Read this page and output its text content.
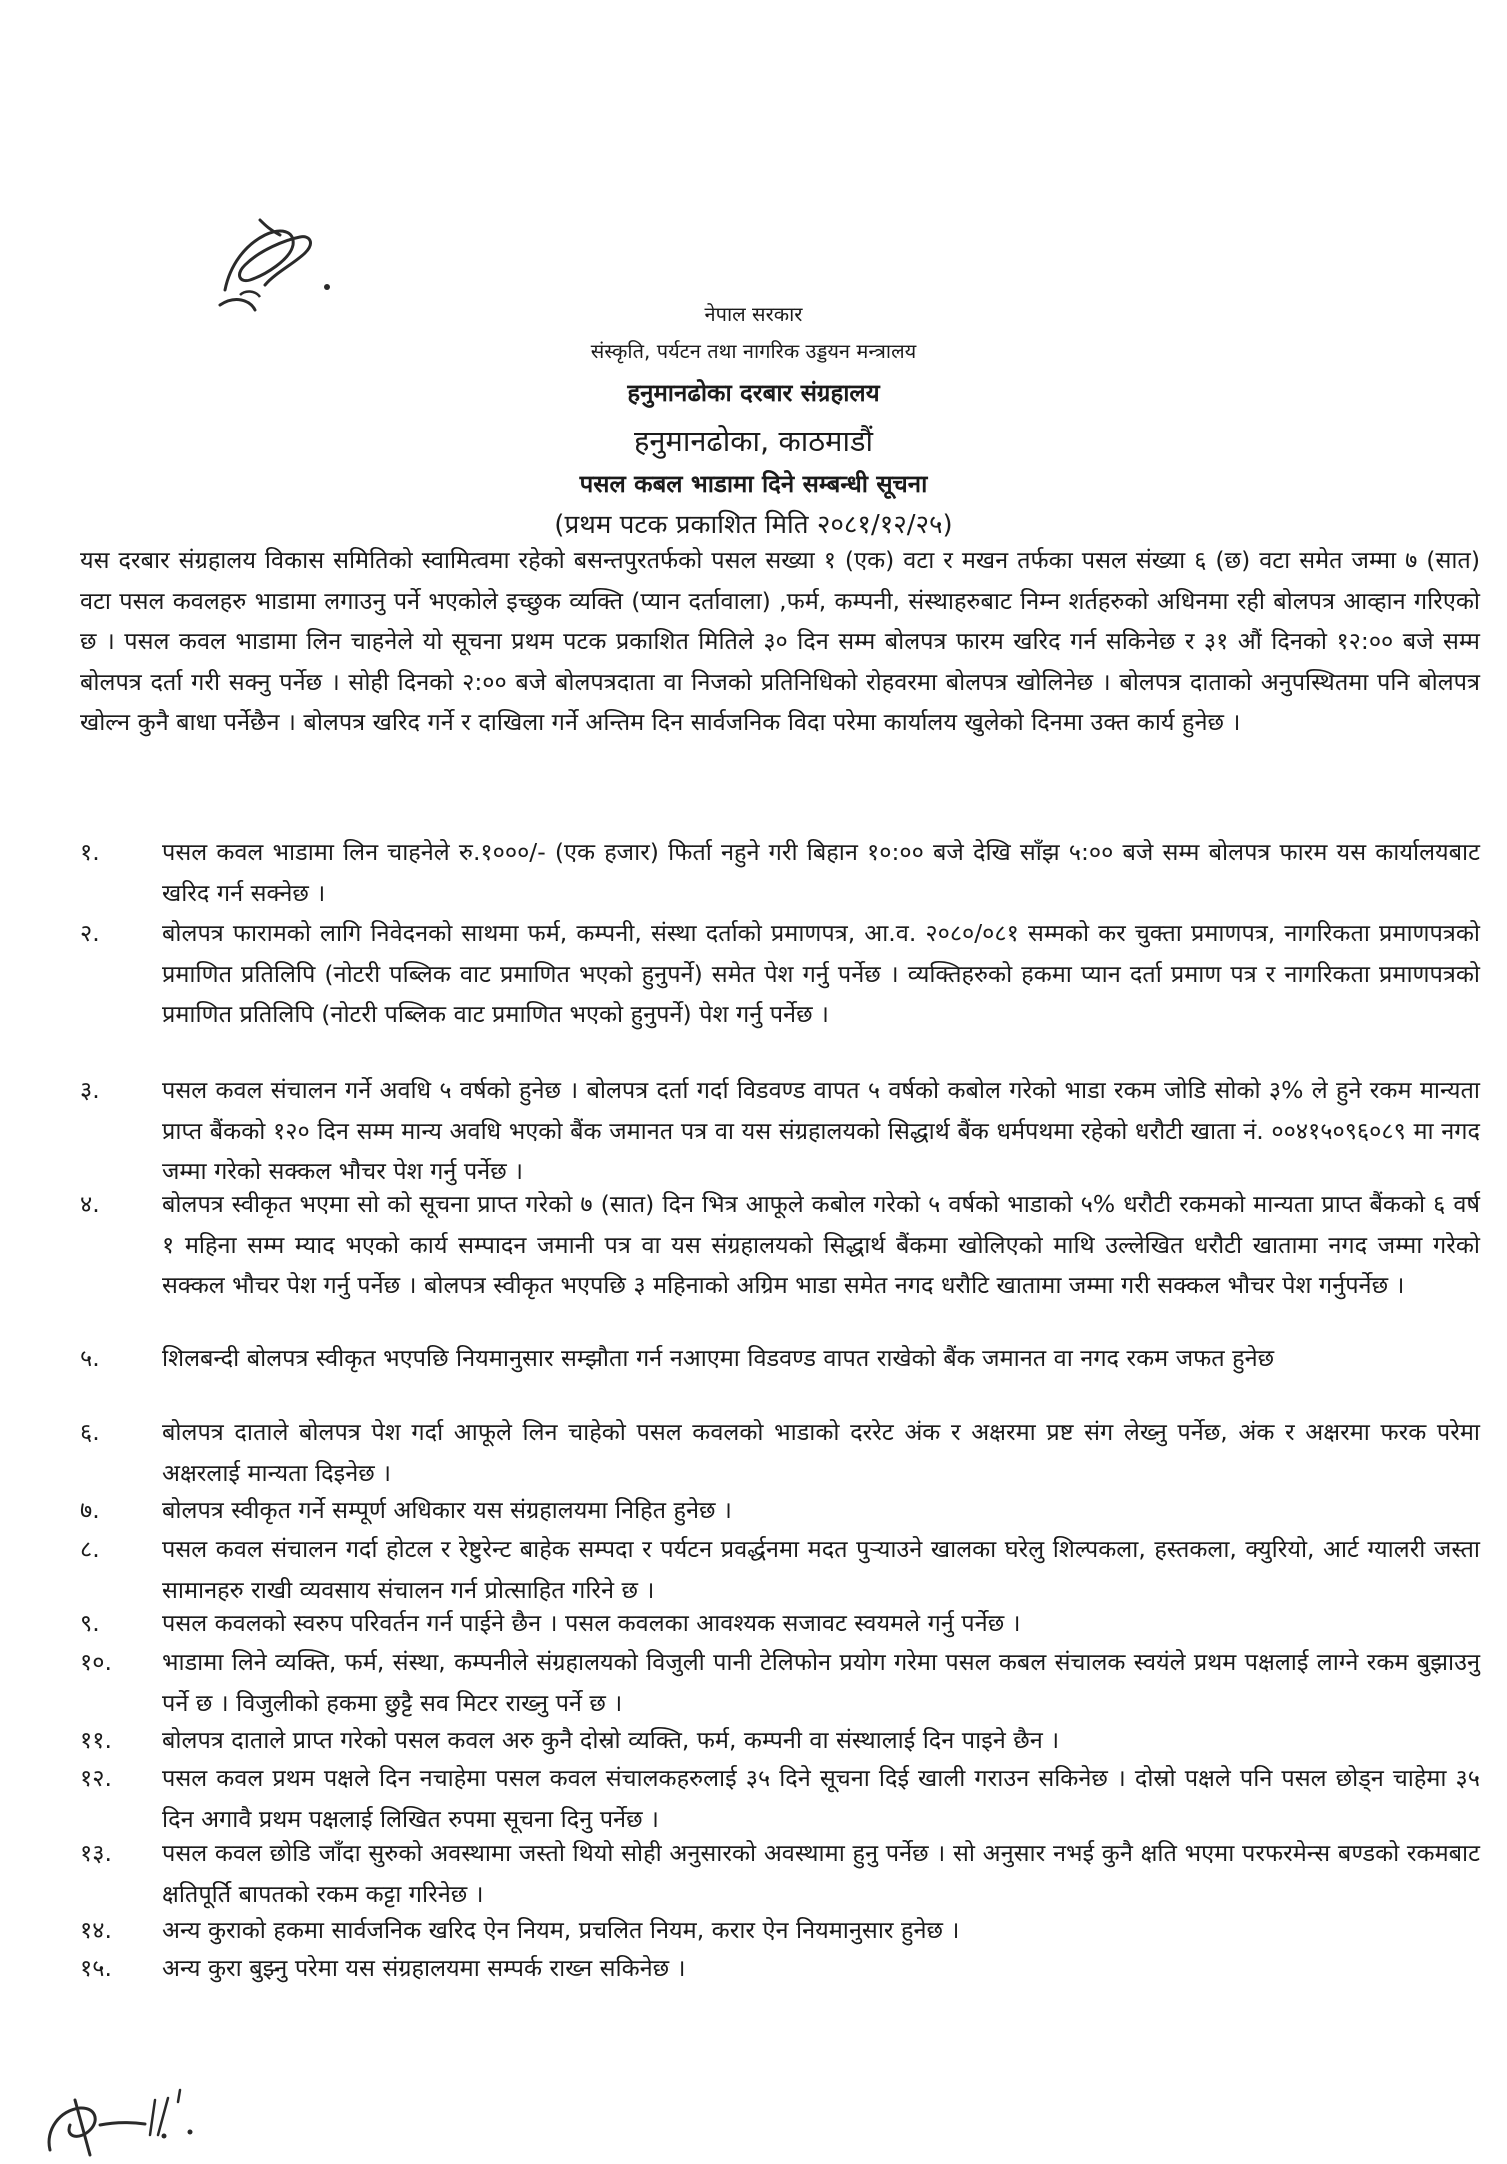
नेपाल सरकार
संस्कृति, पर्यटन तथा नागरिक उड्डयन मन्त्रालय
हनुमानढोका दरबार संग्रहालय
हनुमानढोका, काठमाडौं
पसल कबल भाडामा दिने सम्बन्धी सूचना
(प्रथम पटक प्रकाशित मिति २०८१/१२/२५)

यस दरबार संग्रहालय विकास समितिको स्वामित्वमा रहेको बसन्तपुरतर्फको पसल सख्या १ (एक) वटा र मखन तर्फका पसल संख्या ६ (छ) वटा समेत जम्मा ७ (सात) वटा पसल कवलहरु भाडामा लगाउनु पर्ने भएकोले इच्छुक व्यक्ति (प्यान दर्तावाला) ,फर्म, कम्पनी, संस्थाहरुबाट निम्न शर्तहरुको अधिनमा रही बोलपत्र आव्हान गरिएको छ । पसल कवल भाडामा लिन चाहनेले यो सूचना प्रथम पटक प्रकाशित मितिले ३० दिन सम्म बोलपत्र फारम खरिद गर्न सकिनेछ र ३१ औं दिनको १२:०० बजे सम्म बोलपत्र दर्ता गरी सक्नु पर्नेछ । सोही दिनको २:०० बजे बोलपत्रदाता वा निजको प्रतिनिधिको रोहवरमा बोलपत्र खोलिनेछ । बोलपत्र दाताको अनुपस्थितमा पनि बोलपत्र खोल्न कुनै बाधा पर्नेछैन । बोलपत्र खरिद गर्ने र दाखिला गर्ने अन्तिम दिन सार्वजनिक विदा परेमा कार्यालय खुलेको दिनमा उक्त कार्य हुनेछ ।

१.	पसल कवल भाडामा लिन चाहनेले रु.१०००/- (एक हजार) फिर्ता नहुने गरी बिहान १०:०० बजे देखि साँझ ५:०० बजे सम्म बोलपत्र फारम यस कार्यालयबाट खरिद गर्न सक्नेछ ।

२.	बोलपत्र फारामको लागि निवेदनको साथमा फर्म, कम्पनी, संस्था दर्ताको प्रमाणपत्र, आ.व. २०८०/०८१ सम्मको कर चुक्ता प्रमाणपत्र, नागरिकता प्रमाणपत्रको प्रमाणित प्रतिलिपि (नोटरी पब्लिक वाट प्रमाणित भएको हुनुपर्ने) समेत पेश गर्नु पर्नेछ । व्यक्तिहरुको हकमा प्यान दर्ता प्रमाण पत्र र नागरिकता प्रमाणपत्रको प्रमाणित प्रतिलिपि (नोटरी पब्लिक वाट प्रमाणित भएको हुनुपर्ने) पेश गर्नु पर्नेछ ।

३.	पसल कवल संचालन गर्ने अवधि ५ वर्षको हुनेछ । बोलपत्र दर्ता गर्दा विडवण्ड वापत ५ वर्षको कबोल गरेको भाडा रकम जोडि सोको ३% ले हुने रकम मान्यता प्राप्त बैंकको १२० दिन सम्म मान्य अवधि भएको बैंक जमानत पत्र वा यस संग्रहालयको सिद्धार्थ बैंक धर्मपथमा रहेको धरौटी खाता नं. ००४१५०९६०८९ मा नगद जम्मा गरेको सक्कल भौचर पेश गर्नु पर्नेछ ।

४.	बोलपत्र स्वीकृत भएमा सो को सूचना प्राप्त गरेको ७ (सात) दिन भित्र आफूले कबोल गरेको ५ वर्षको भाडाको ५% धरौटी रकमको मान्यता प्राप्त बैंकको ६ वर्ष १ महिना सम्म म्याद भएको कार्य सम्पादन जमानी पत्र वा यस संग्रहालयको सिद्धार्थ बैंकमा खोलिएको माथि उल्लेखित धरौटी खातामा नगद जम्मा गरेको सक्कल भौचर पेश गर्नु पर्नेछ । बोलपत्र स्वीकृत भएपछि ३ महिनाको अग्रिम भाडा समेत नगद धरौटि खातामा जम्मा गरी सक्कल भौचर पेश गर्नुपर्नेछ ।

५.	शिलबन्दी बोलपत्र स्वीकृत भएपछि नियमानुसार सम्झौता गर्न नआएमा विडवण्ड वापत राखेको बैंक जमानत वा नगद रकम जफत हुनेछ

६.	बोलपत्र दाताले बोलपत्र पेश गर्दा आफूले लिन चाहेको पसल कवलको भाडाको दररेट अंक र अक्षरमा प्रष्ट संग लेख्नु पर्नेछ, अंक र अक्षरमा फरक परेमा अक्षरलाई मान्यता दिइनेछ ।

७.	बोलपत्र स्वीकृत गर्ने सम्पूर्ण अधिकार यस संग्रहालयमा निहित हुनेछ ।

८.	पसल कवल संचालन गर्दा होटल र रेष्टुरेन्ट बाहेक सम्पदा र पर्यटन प्रवर्द्धनमा मदत पुऱ्याउने खालका घरेलु शिल्पकला, हस्तकला, क्युरियो, आर्ट ग्यालरी जस्ता सामानहरु राखी व्यवसाय संचालन गर्न प्रोत्साहित गरिने छ ।

९.	पसल कवलको स्वरुप परिवर्तन गर्न पाईने छैन । पसल कवलका आवश्यक सजावट स्वयमले गर्नु पर्नेछ ।

१०.	भाडामा लिने व्यक्ति, फर्म, संस्था, कम्पनीले संग्रहालयको विजुली पानी टेलिफोन प्रयोग गरेमा पसल कबल संचालक स्वयंले प्रथम पक्षलाई लाग्ने रकम बुझाउनु पर्ने छ । विजुलीको हकमा छुट्टै सव मिटर राख्नु पर्ने छ ।

११.	बोलपत्र दाताले प्राप्त गरेको पसल कवल अरु कुनै दोस्रो व्यक्ति, फर्म, कम्पनी वा संस्थालाई दिन पाइने छैन ।

१२.	पसल कवल प्रथम पक्षले दिन नचाहेमा पसल कवल संचालकहरुलाई ३५ दिने सूचना दिई खाली गराउन सकिनेछ । दोस्रो पक्षले पनि पसल छोड्न चाहेमा ३५ दिन अगावै प्रथम पक्षलाई लिखित रुपमा सूचना दिनु पर्नेछ ।

१३.	पसल कवल छोडि जाँदा सुरुको अवस्थामा जस्तो थियो सोही अनुसारको अवस्थामा हुनु पर्नेछ । सो अनुसार नभई कुनै क्षति भएमा परफरमेन्स बण्डको रकमबाट क्षतिपूर्ति बापतको रकम कट्टा गरिनेछ ।

१४.	अन्य कुराको हकमा सार्वजनिक खरिद ऐन नियम, प्रचलित नियम, करार ऐन नियमानुसार हुनेछ ।

१५.	अन्य कुरा बुझ्नु परेमा यस संग्रहालयमा सम्पर्क राख्न सकिनेछ ।
